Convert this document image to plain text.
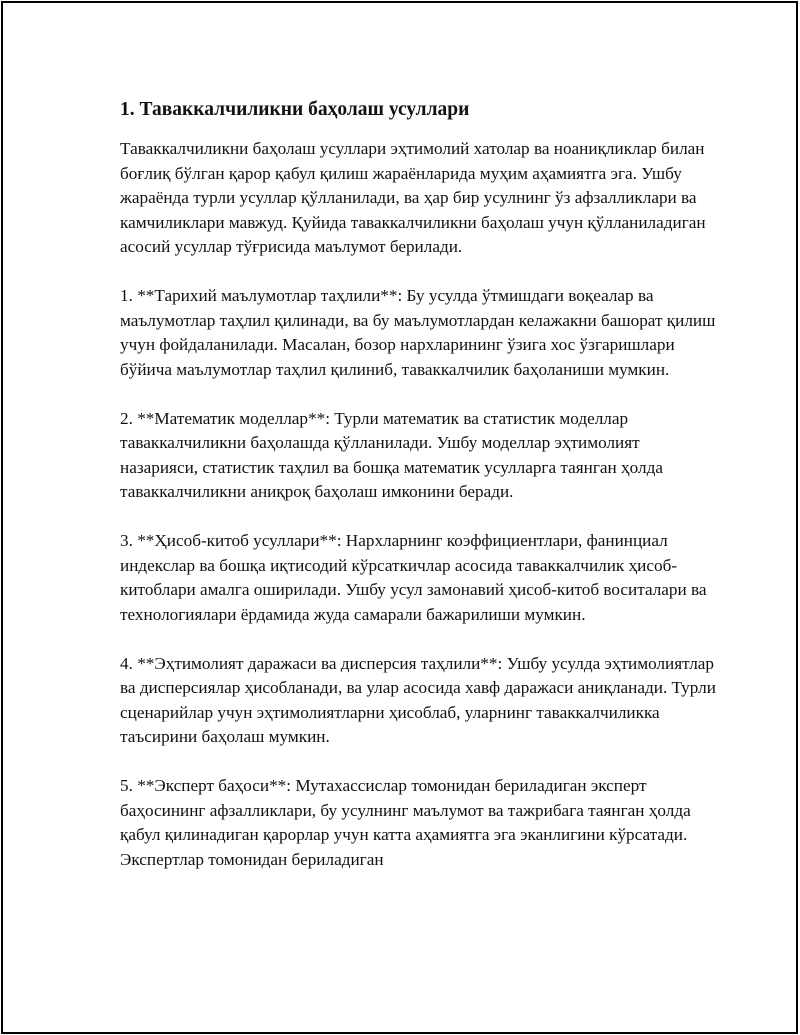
1. Таваккалчиликни баҳолаш усуллари

Таваккалчиликни баҳолаш усуллари эҳтимолий хатолар ва ноаниқликлар билан боғлиқ бўлган қарор қабул қилиш жараёнларида муҳим аҳамиятга эга. Ушбу жараёнда турли усуллар қўлланилади, ва ҳар бир усулнинг ўз афзалликлари ва камчиликлари мавжуд. Қуйида таваккалчиликни баҳолаш учун қўлланиладиган асосий усуллар тўғрисида маълумот берилади.

1. **Тарихий маълумотлар таҳлили**: Бу усулда ўтмишдаги воқеалар ва маълумотлар таҳлил қилинади, ва бу маълумотлардан келажакни башорат қилиш учун фойдаланилади. Масалан, бозор нархларининг ўзига хос ўзгаришлари бўйича маълумотлар таҳлил қилиниб, таваккалчилик баҳоланиши мумкин.

2. **Математик моделлар**: Турли математик ва статистик моделлар таваккалчиликни баҳолашда қўлланилади. Ушбу моделлар эҳтимолият назарияси, статистик таҳлил ва бошқа математик усулларга таянган ҳолда таваккалчиликни аниқроқ баҳолаш имконини беради.

3. **Ҳисоб-китоб усуллари**: Нархларнинг коэффициентлари, фанинциал индекслар ва бошқа иқтисодий кўрсаткичлар асосида таваккалчилик ҳисоб-китоблари амалга оширилади. Ушбу усул замонавий ҳисоб-китоб воситалари ва технологиялари ёрдамида жуда самарали бажарилиши мумкин.

4. **Эҳтимолият даражаси ва дисперсия таҳлили**: Ушбу усулда эҳтимолиятлар ва дисперсиялар ҳисобланади, ва улар асосида хавф даражаси аниқланади. Турли сценарийлар учун эҳтимолиятларни ҳисоблаб, уларнинг таваккалчиликка таъсирини баҳолаш мумкин.

5. **Эксперт баҳоси**: Мутахассислар томонидан бериладиган эксперт баҳосининг афзалликлари, бу усулнинг маълумот ва тажрибага таянган ҳолда қабул қилинадиган қарорлар учун катта аҳамиятга эга эканлигини кўрсатади. Экспертлар томонидан бериладиган
